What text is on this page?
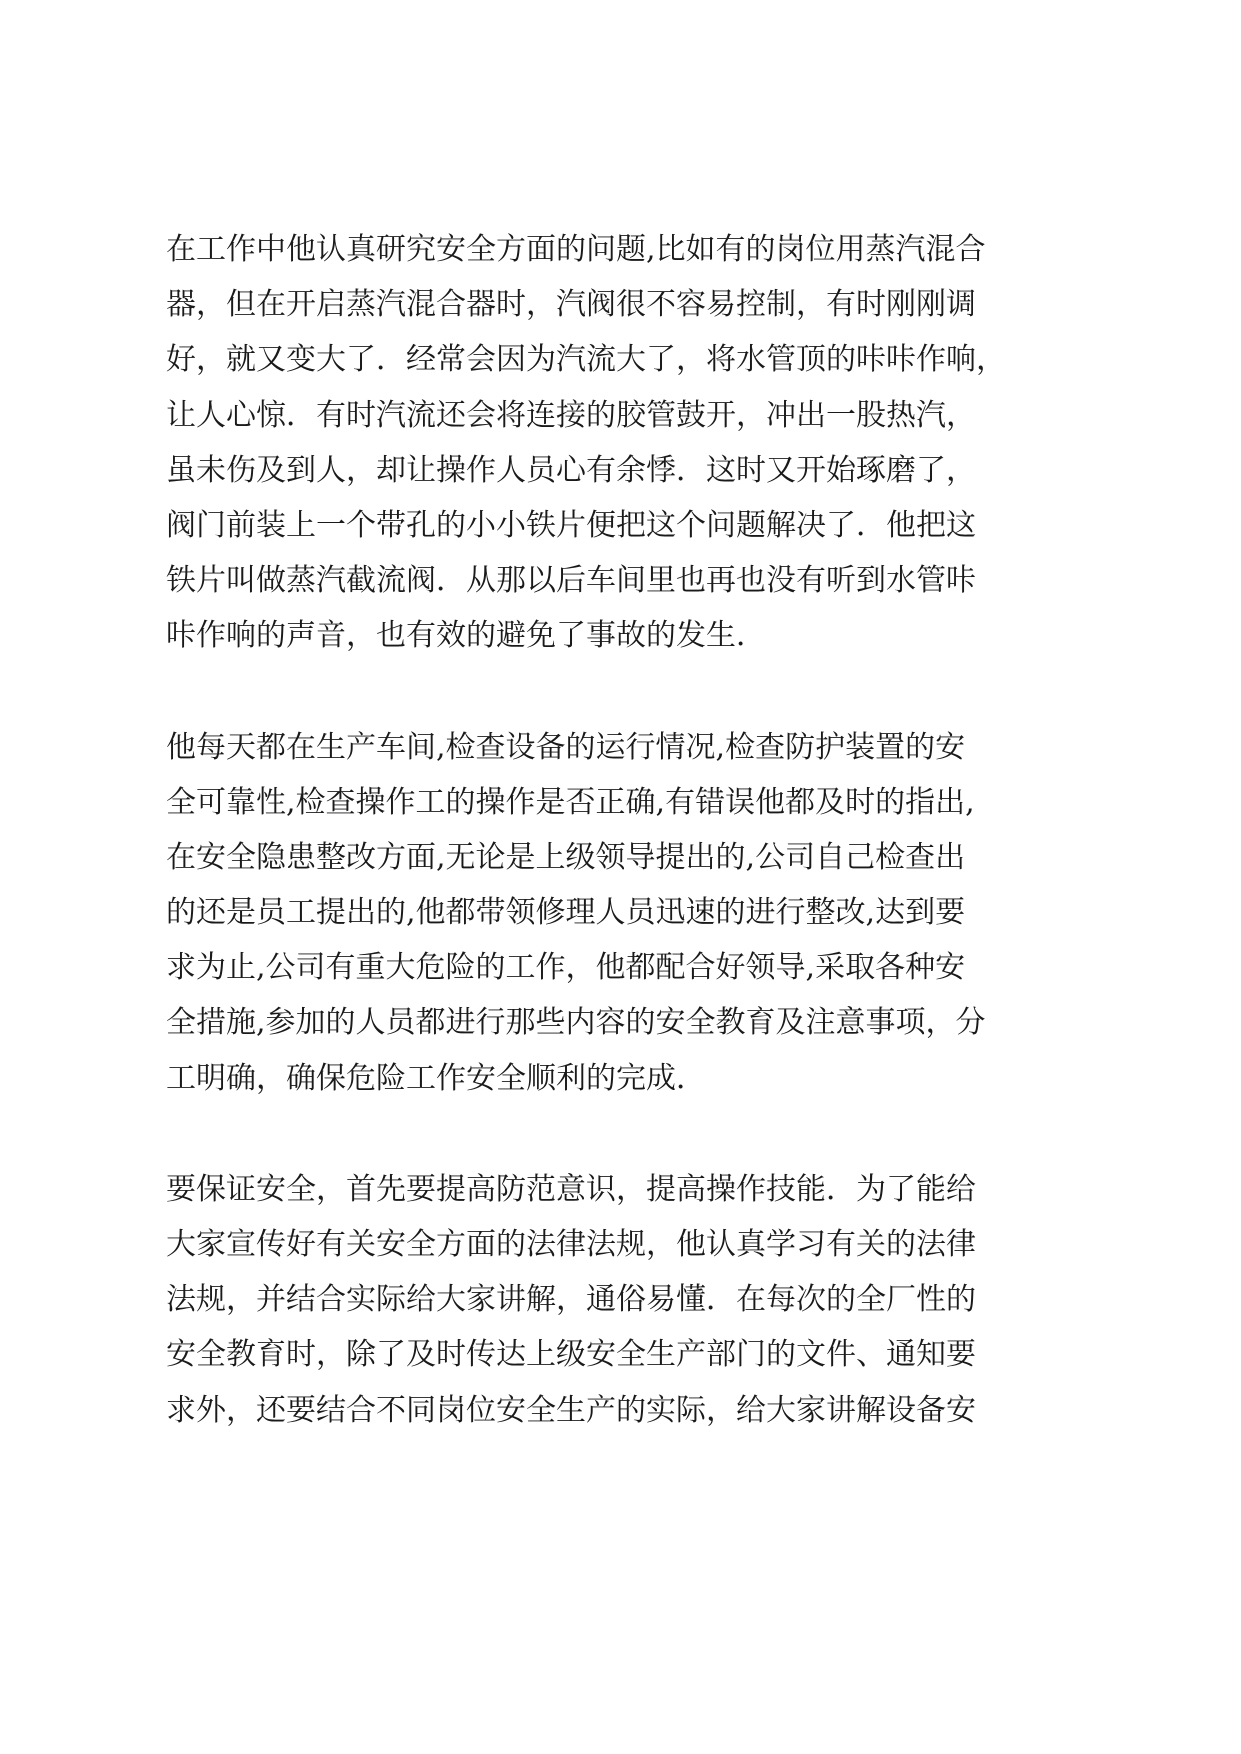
在工作中他认真研究安全方面的问题,比如有的岗位用蒸汽混合
器，但在开启蒸汽混合器时，汽阀很不容易控制，有时刚刚调
好，就又变大了．经常会因为汽流大了，将水管顶的咔咔作响，
让人心惊．有时汽流还会将连接的胶管鼓开，冲出一股热汽，
虽未伤及到人，却让操作人员心有余悸．这时又开始琢磨了，
阀门前装上一个带孔的小小铁片便把这个问题解决了．他把这
铁片叫做蒸汽截流阀．从那以后车间里也再也没有听到水管咔
咔作响的声音，也有效的避免了事故的发生．
他每天都在生产车间,检查设备的运行情况,检查防护装置的安
全可靠性,检查操作工的操作是否正确,有错误他都及时的指出,
在安全隐患整改方面,无论是上级领导提出的,公司自己检查出
的还是员工提出的,他都带领修理人员迅速的进行整改,达到要
求为止,公司有重大危险的工作，他都配合好领导,采取各种安
全措施,参加的人员都进行那些内容的安全教育及注意事项，分
工明确，确保危险工作安全顺利的完成．
要保证安全，首先要提高防范意识，提高操作技能．为了能给
大家宣传好有关安全方面的法律法规，他认真学习有关的法律
法规，并结合实际给大家讲解，通俗易懂．在每次的全厂性的
安全教育时，除了及时传达上级安全生产部门的文件、通知要
求外，还要结合不同岗位安全生产的实际，给大家讲解设备安
